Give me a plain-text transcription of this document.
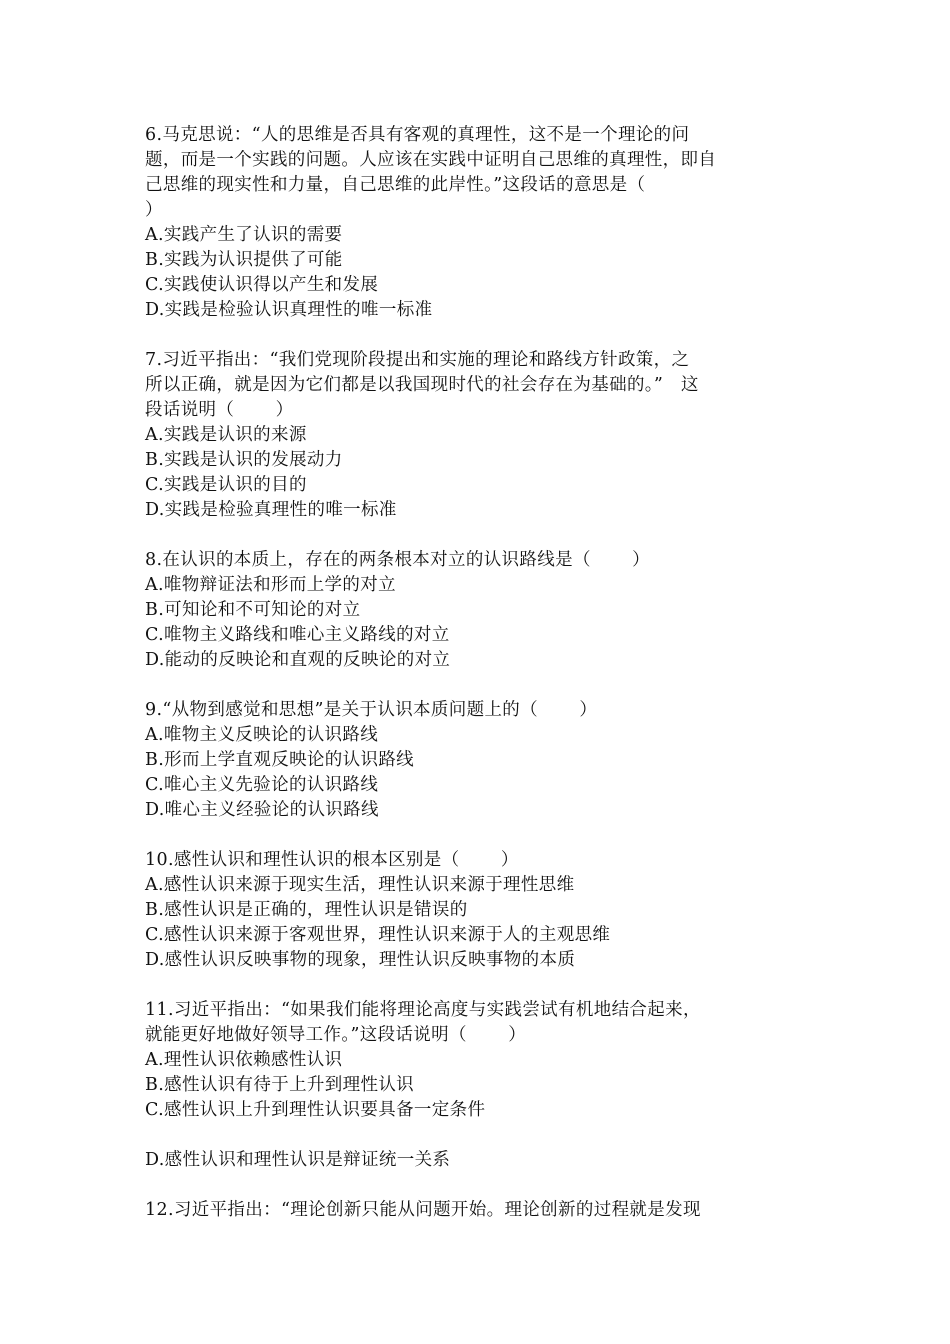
6.马克思说：“人的思维是否具有客观的真理性，这不是一个理论的问
题，而是一个实践的问题。人应该在实践中证明自己思维的真理性，即自
己思维的现实性和力量，自己思维的此岸性。”这段话的意思是（
）
A.实践产生了认识的需要
B.实践为认识提供了可能
C.实践使认识得以产生和发展
D.实践是检验认识真理性的唯一标准
7.习近平指出：“我们党现阶段提出和实施的理论和路线方针政策，之
所以正确，就是因为它们都是以我国现时代的社会存在为基础的。”   这
段话说明（       ）
A.实践是认识的来源
B.实践是认识的发展动力
C.实践是认识的目的
D.实践是检验真理性的唯一标准
8.在认识的本质上，存在的两条根本对立的认识路线是（       ）
A.唯物辩证法和形而上学的对立
B.可知论和不可知论的对立
C.唯物主义路线和唯心主义路线的对立
D.能动的反映论和直观的反映论的对立
9.“从物到感觉和思想”是关于认识本质问题上的（       ）
A.唯物主义反映论的认识路线
B.形而上学直观反映论的认识路线
C.唯心主义先验论的认识路线
D.唯心主义经验论的认识路线
10.感性认识和理性认识的根本区别是（       ）
A.感性认识来源于现实生活，理性认识来源于理性思维
B.感性认识是正确的，理性认识是错误的
C.感性认识来源于客观世界，理性认识来源于人的主观思维
D.感性认识反映事物的现象，理性认识反映事物的本质
11.习近平指出：“如果我们能将理论高度与实践尝试有机地结合起来，
就能更好地做好领导工作。”这段话说明（       ）
A.理性认识依赖感性认识
B.感性认识有待于上升到理性认识
C.感性认识上升到理性认识要具备一定条件
D.感性认识和理性认识是辩证统一关系
12.习近平指出：“理论创新只能从问题开始。理论创新的过程就是发现
